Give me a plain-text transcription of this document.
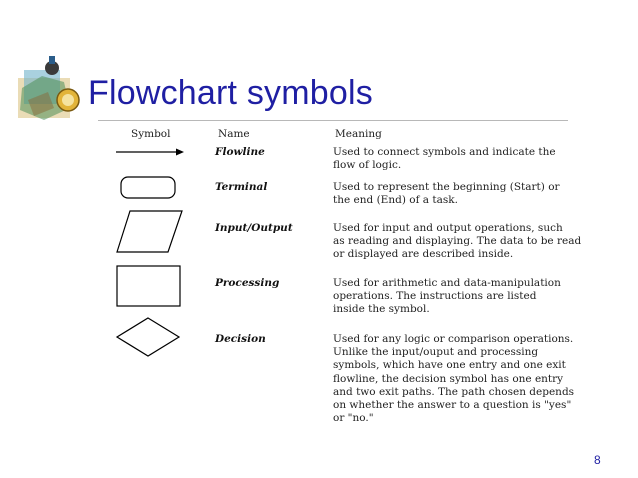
Flowchart symbols
Symbol	Name	Meaning
Flowline	Used to connect symbols and indicate the
flow of logic.
Terminal	Used to represent the beginning (Start) or
the end (End) of a task.
Input/Output	Used for input and output operations, such
as reading and displaying. The data to be read
or displayed are described inside.
Processing	Used for arithmetic and data-manipulation
operations. The instructions are listed
inside the symbol.
Decision	Used for any logic or comparison operations.
Unlike the input/ouput and processing
symbols, which have one entry and one exit
flowline, the decision symbol has one entry
and two exit paths. The path chosen depends
on whether the answer to a question is "yes"
or "no."
8
